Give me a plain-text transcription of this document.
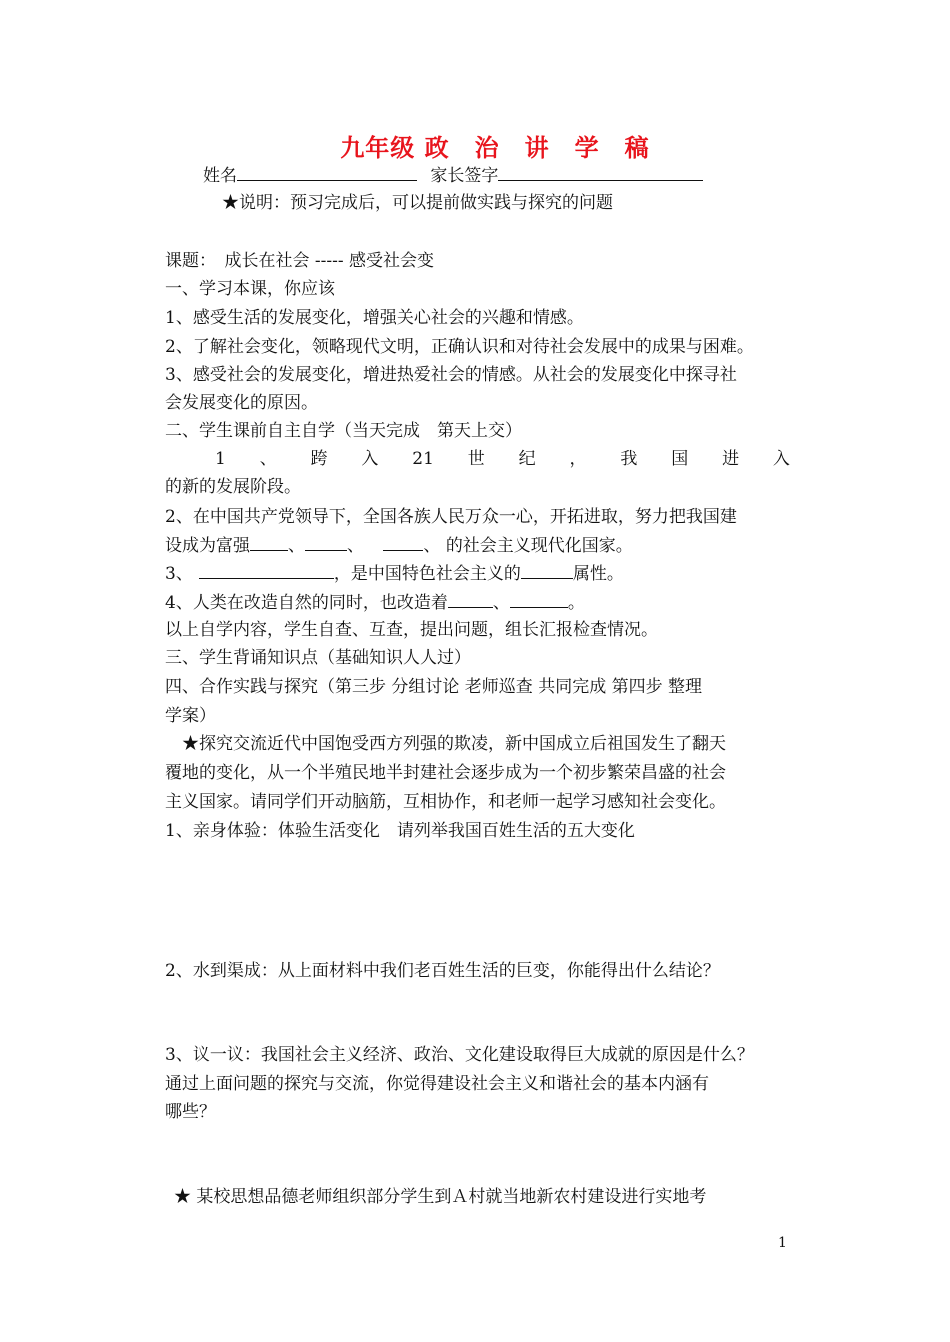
九年级 政　治　讲　学　稿
姓名	家长签字
★说明：预习完成后，可以提前做实践与探究的问题
课题：　成长在社会 ----- 感受社会变
一、学习本课，你应该
1、感受生活的发展变化，增强关心社会的兴趣和情感。
2、了解社会变化，领略现代文明，正确认识和对待社会发展中的成果与困难。
3、感受社会的发展变化，增进热爱社会的情感。从社会的发展变化中探寻社
会发展变化的原因。
二、学生课前自主自学（当天完成　第天上交）
1 、 跨 入 21 世 纪 ， 我 国 进 入
的新的发展阶段。
2、在中国共产党领导下，全国各族人民万众一心，开拓进取，努力把我国建
设成为富强 、 、	、 的社会主义现代化国家。
3、	，是中国特色社会主义的	属性。
4、人类在改造自然的同时，也改造着	、	。
以上自学内容，学生自查、互查，提出问题，组长汇报检查情况。
三、学生背诵知识点（基础知识人人过）
四、合作实践与探究（第三步 分组讨论 老师巡查 共同完成 第四步 整理
学案）
　★探究交流近代中国饱受西方列强的欺凌，新中国成立后祖国发生了翻天
覆地的变化，从一个半殖民地半封建社会逐步成为一个初步繁荣昌盛的社会
主义国家。请同学们开动脑筋，互相协作，和老师一起学习感知社会变化。
1、亲身体验：体验生活变化　请列举我国百姓生活的五大变化
2、水到渠成：从上面材料中我们老百姓生活的巨变，你能得出什么结论？
3、议一议：我国社会主义经济、政治、文化建设取得巨大成就的原因是什么？
通过上面问题的探究与交流，你觉得建设社会主义和谐社会的基本内涵有
哪些？
★ 某校思想品德老师组织部分学生到Ａ村就当地新农村建设进行实地考
1
